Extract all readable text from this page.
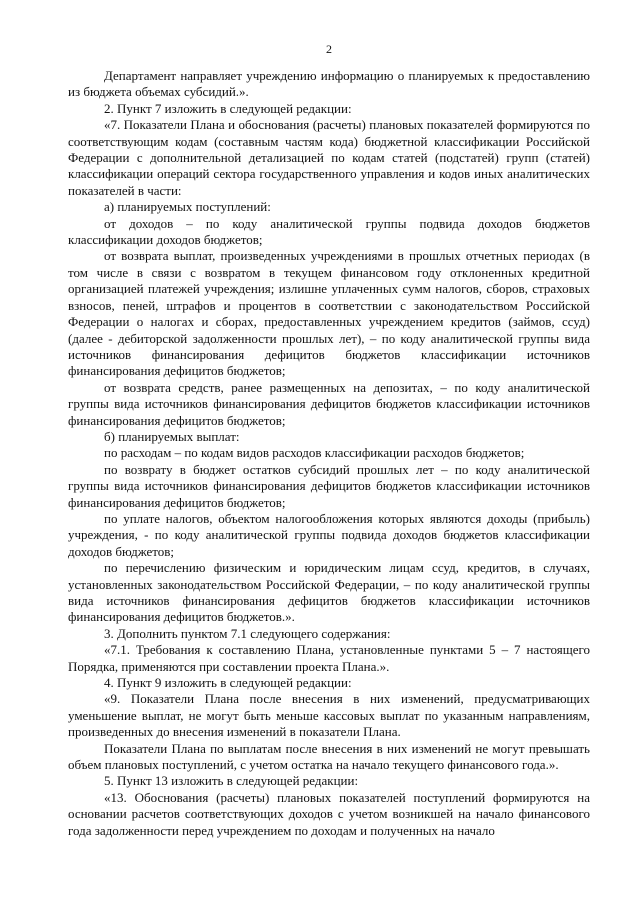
2

Департамент направляет учреждению информацию о планируемых к предоставлению из бюджета объемах субсидий.».

2. Пункт 7 изложить в следующей редакции:

«7. Показатели Плана и обоснования (расчеты) плановых показателей формируются по соответствующим кодам (составным частям кода) бюджетной классификации Российской Федерации с дополнительной детализацией по кодам статей (подстатей) групп (статей) классификации операций сектора государственного управления и кодов иных аналитических показателей в части:

а) планируемых поступлений:

от доходов – по коду аналитической группы подвида доходов бюджетов классификации доходов бюджетов;

от возврата выплат, произведенных учреждениями в прошлых отчетных периодах (в том числе в связи с возвратом в текущем финансовом году отклоненных кредитной организацией платежей учреждения; излишне уплаченных сумм налогов, сборов, страховых взносов, пеней, штрафов и процентов в соответствии с законодательством Российской Федерации о налогах и сборах, предоставленных учреждением кредитов (займов, ссуд) (далее - дебиторской задолженности прошлых лет), – по коду аналитической группы вида источников финансирования дефицитов бюджетов классификации источников финансирования дефицитов бюджетов;

от возврата средств, ранее размещенных на депозитах, – по коду аналитической группы вида источников финансирования дефицитов бюджетов классификации источников финансирования дефицитов бюджетов;

б) планируемых выплат:

по расходам – по кодам видов расходов классификации расходов бюджетов;

по возврату в бюджет остатков субсидий прошлых лет – по коду аналитической группы вида источников финансирования дефицитов бюджетов классификации источников финансирования дефицитов бюджетов;

по уплате налогов, объектом налогообложения которых являются доходы (прибыль) учреждения, - по коду аналитической группы подвида доходов бюджетов классификации доходов бюджетов;

по перечислению физическим и юридическим лицам ссуд, кредитов, в случаях, установленных законодательством Российской Федерации, – по коду аналитической группы вида источников финансирования дефицитов бюджетов классификации источников финансирования дефицитов бюджетов.».

3. Дополнить пунктом 7.1 следующего содержания:

«7.1. Требования к составлению Плана, установленные пунктами 5 – 7 настоящего Порядка, применяются при составлении проекта Плана.».

4. Пункт 9 изложить в следующей редакции:

«9. Показатели Плана после внесения в них изменений, предусматривающих уменьшение выплат, не могут быть меньше кассовых выплат по указанным направлениям, произведенных до внесения изменений в показатели Плана.

Показатели Плана по выплатам после внесения в них изменений не могут превышать объем плановых поступлений, с учетом остатка на начало текущего финансового года.».

5. Пункт 13 изложить в следующей редакции:

«13. Обоснования (расчеты) плановых показателей поступлений формируются на основании расчетов соответствующих доходов с учетом возникшей на начало финансового года задолженности перед учреждением по доходам и полученных на начало
